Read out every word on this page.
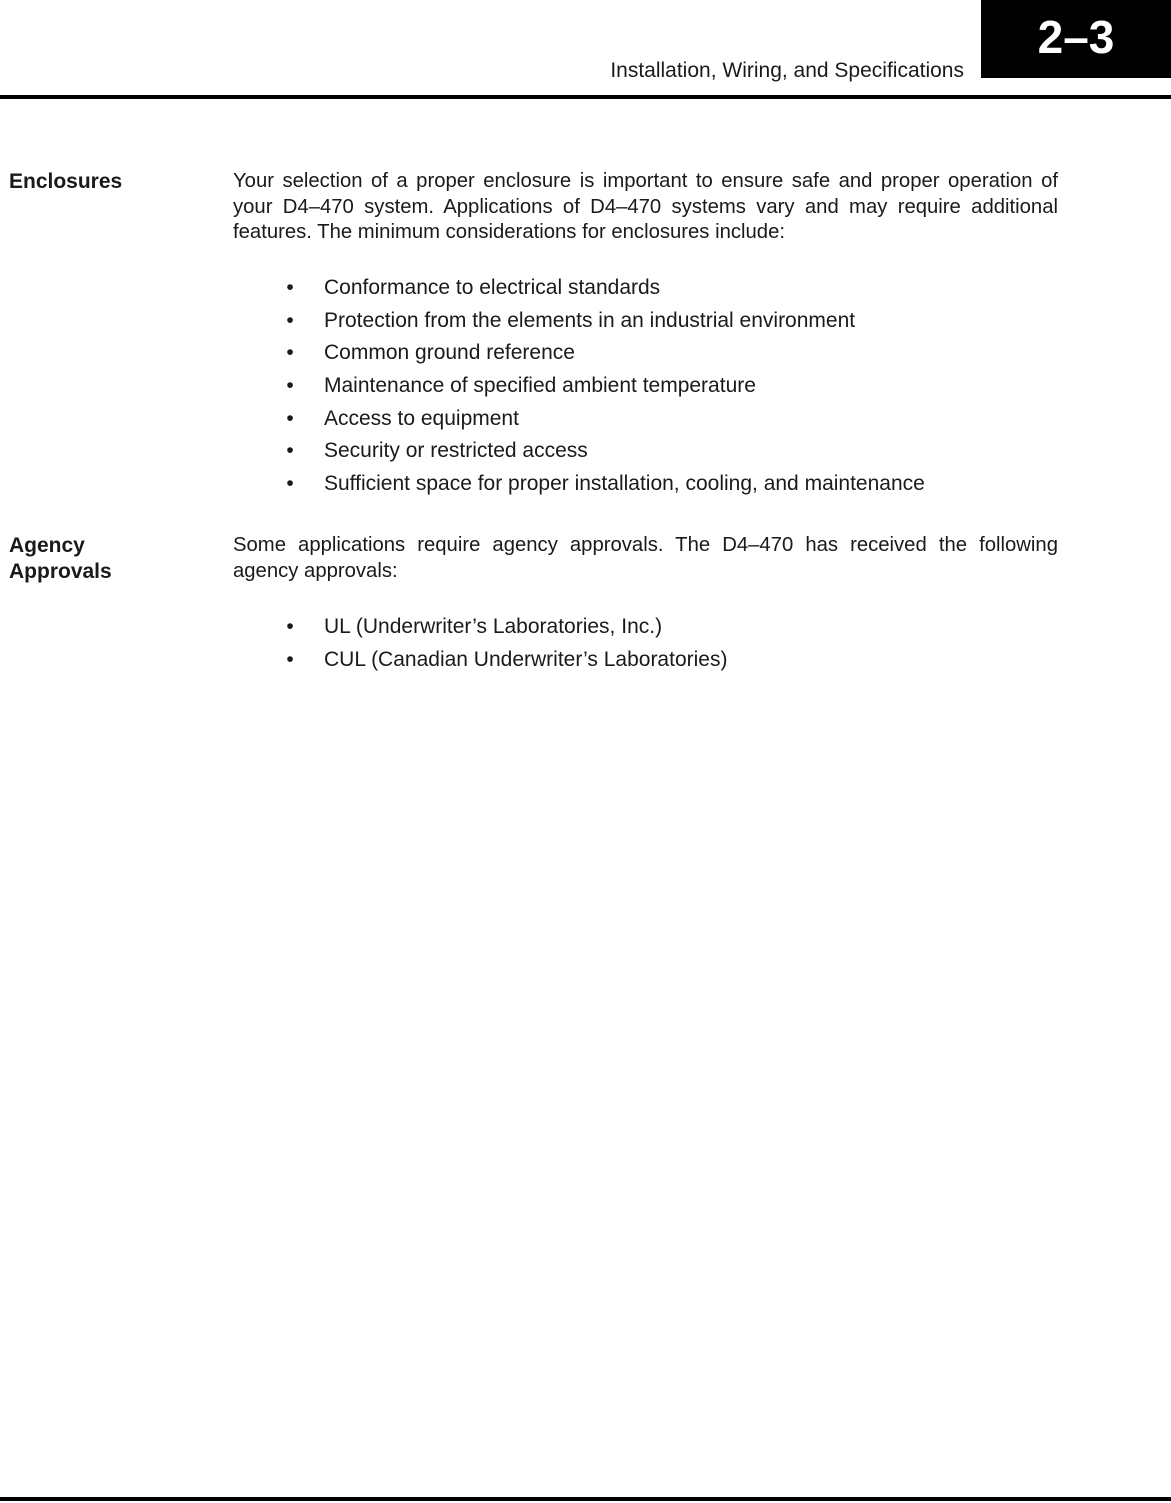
Installation, Wiring, and Specifications
2–3
Enclosures	Your selection of a proper enclosure is important to ensure safe and proper operation of your D4–470 system. Applications of D4–470 systems vary and may require additional features. The minimum considerations for enclosures include:
•	Conformance to electrical standards
•	Protection from the elements in an industrial environment
•	Common ground reference
•	Maintenance of specified ambient temperature
•	Access to equipment
•	Security or restricted access
•	Sufficient space for proper installation, cooling, and maintenance
Agency
Approvals
Some applications require agency approvals. The D4–470 has received the following agency approvals:
•	UL (Underwriter’s Laboratories, Inc.)
•	CUL (Canadian Underwriter’s Laboratories)
